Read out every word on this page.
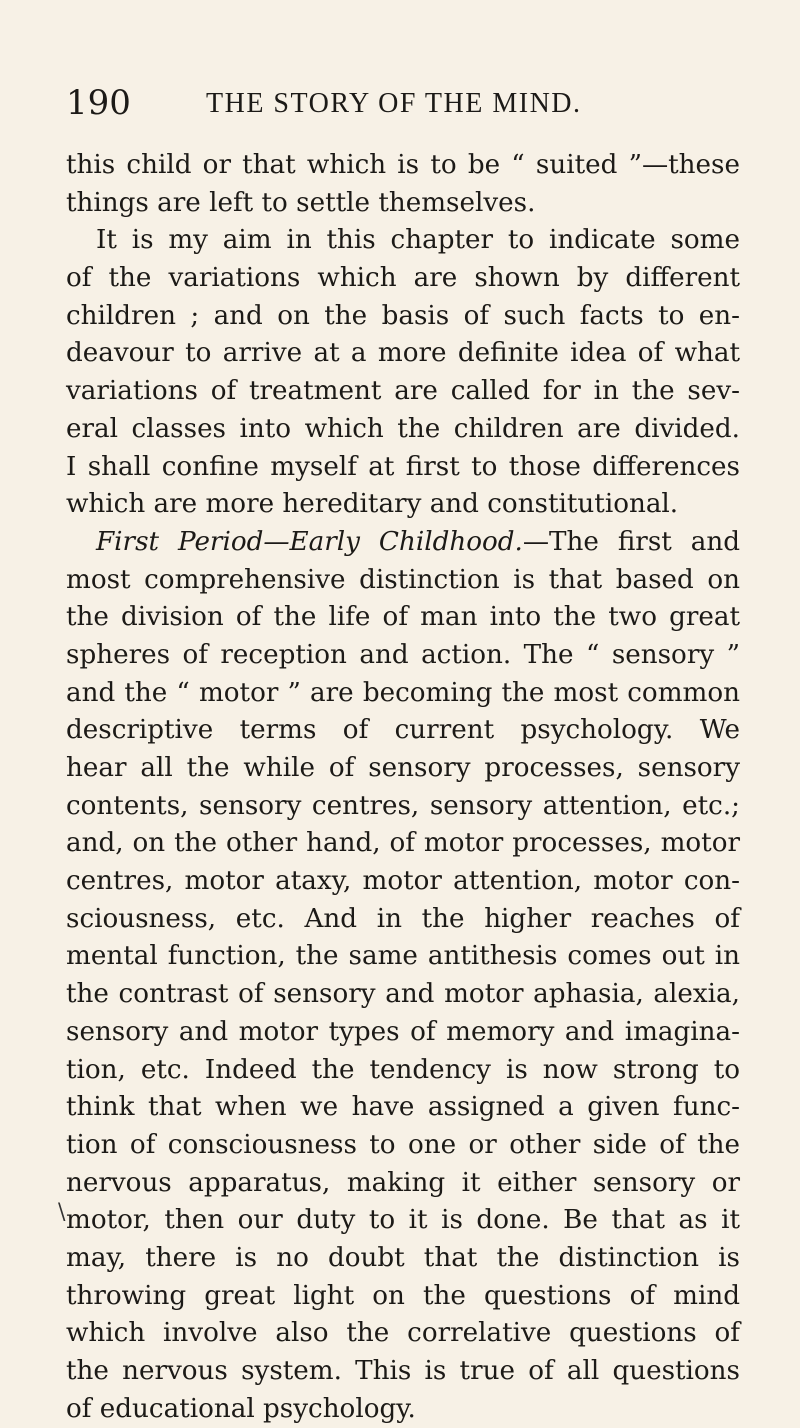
190	THE STORY OF THE MIND.
this child or that which is to be “ suited ”—these
things are left to settle themselves.
It is my aim in this chapter to indicate some
of the variations which are shown by different
children ; and on the basis of such facts to en-
deavour to arrive at a more definite idea of what
variations of treatment are called for in the sev-
eral classes into which the children are divided.
I shall confine myself at first to those differences
which are more hereditary and constitutional.
First Period—Early Childhood.—The first and
most comprehensive distinction is that based on
the division of the life of man into the two great
spheres of reception and action. The “ sensory ”
and the “ motor ” are becoming the most common
descriptive terms of current psychology. We
hear all the while of sensory processes, sensory
contents, sensory centres, sensory attention, etc.;
and, on the other hand, of motor processes, motor
centres, motor ataxy, motor attention, motor con-
sciousness, etc. And in the higher reaches of
mental function, the same antithesis comes out in
the contrast of sensory and motor aphasia, alexia,
sensory and motor types of memory and imagina-
tion, etc. Indeed the tendency is now strong to
think that when we have assigned a given func-
tion of consciousness to one or other side of the
nervous apparatus, making it either sensory or
motor, then our duty to it is done. Be that as it
may, there is no doubt that the distinction is
throwing great light on the questions of mind
which involve also the correlative questions of
the nervous system. This is true of all questions
of educational psychology.
\
